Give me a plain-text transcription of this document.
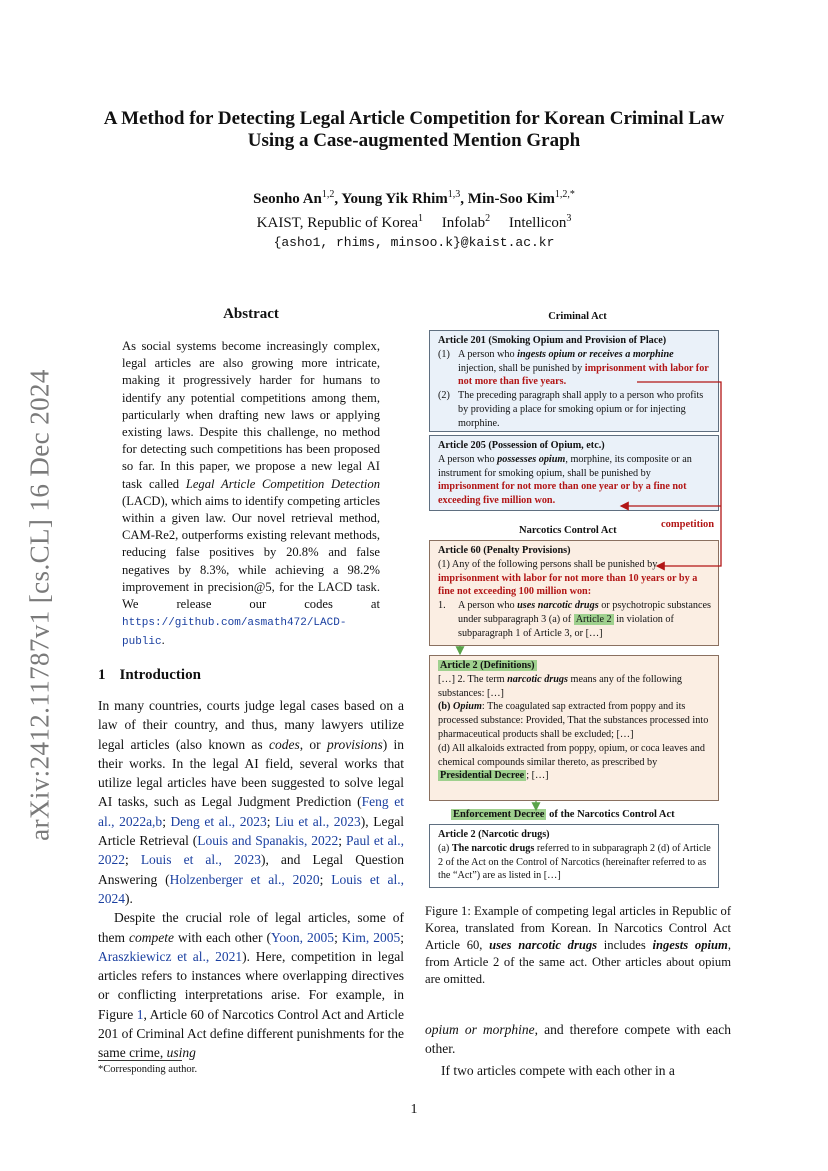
arXiv:2412.11787v1 [cs.CL] 16 Dec 2024
A Method for Detecting Legal Article Competition for Korean Criminal Law Using a Case-augmented Mention Graph
Seonho An$^{1,2}$, Young Yik Rhim$^{1,3}$, Min-Soo Kim$^{1,2,*}$
KAIST, Republic of Korea$^1$ Infolab$^2$ Intellicon$^3$
{asho1, rhims, minsoo.k}@kaist.ac.kr
Abstract
As social systems become increasingly complex, legal articles are also growing more intricate, making it progressively harder for humans to identify any potential competitions among them, particularly when drafting new laws or applying existing laws. Despite this challenge, no method for detecting such competitions has been proposed so far. In this paper, we propose a new legal AI task called Legal Article Competition Detection (LACD), which aims to identify competing articles within a given law. Our novel retrieval method, CAM-Re2, outperforms existing relevant methods, reducing false positives by 20.8% and false negatives by 8.3%, while achieving a 98.2% improvement in precision@5, for the LACD task. We release our codes at https://github.com/asmath472/LACD-public.
1 Introduction

In many countries, courts judge legal cases based on a law of their country, and thus, many lawyers utilize legal articles (also known as codes, or provisions) in their works. In the legal AI field, several works that utilize legal articles have been suggested to solve legal AI tasks, such as Legal Judgment Prediction (Feng et al., 2022a,b; Deng et al., 2023; Liu et al., 2023), Legal Article Retrieval (Louis and Spanakis, 2022; Paul et al., 2022; Louis et al., 2023), and Legal Question Answering (Holzenberger et al., 2020; Louis et al., 2024).

Despite the crucial role of legal articles, some of them compete with each other (Yoon, 2005; Kim, 2005; Araszkiewicz et al., 2021). Here, competition in legal articles refers to instances where overlapping directives or conflicting interpretations arise. For example, in Figure 1, Article 60 of Narcotics Control Act and Article 201 of Criminal Act define different punishments for the same crime, using

*Corresponding author.
1
Criminal Act
Article 201 (Smoking Opium and Provision of Place)
(1) A person who ingests opium or receives a morphine injection, shall be punished by imprisonment with labor for not more than five years.
(2) The preceding paragraph shall apply to a person who profits by providing a place for smoking opium or for injecting morphine.
Article 205 (Possession of Opium, etc.)
A person who possesses opium, morphine, its composite or an instrument for smoking opium, shall be punished by imprisonment for not more than one year or by a fine not exceeding five million won.
Narcotics Control Act
competition
Article 60 (Penalty Provisions)
(1) Any of the following persons shall be punished by imprisonment with labor for not more than 10 years or by a fine not exceeding 100 million won:
1.	A person who uses narcotic drugs or psychotropic substances under subparagraph 3 (a) of Article 2 in violation of subparagraph 1 of Article 3, or […]
Article 2 (Definitions)
[…] 2. The term narcotic drugs means any of the following substances: […]
(b) Opium: The coagulated sap extracted from poppy and its processed substance: Provided, That the substances processed into pharmaceutical products shall be excluded; […]
(d) All alkaloids extracted from poppy, opium, or coca leaves and chemical compounds similar thereto, as prescribed by Presidential Decree ; […]
Enforcement Decree of the Narcotics Control Act
Article 2 (Narcotic drugs)
(a) The narcotic drugs referred to in subparagraph 2 (d) of Article 2 of the Act on the Control of Narcotics (hereinafter referred to as the “Act”) are as listed in […]
Figure 1: Example of competing legal articles in Republic of Korea, translated from Korean. In Narcotics Control Act Article 60, uses narcotic drugs includes ingests opium, from Article 2 of the same act. Other articles about opium are omitted.

opium or morphine, and therefore compete with each other.

If two articles compete with each other in a
